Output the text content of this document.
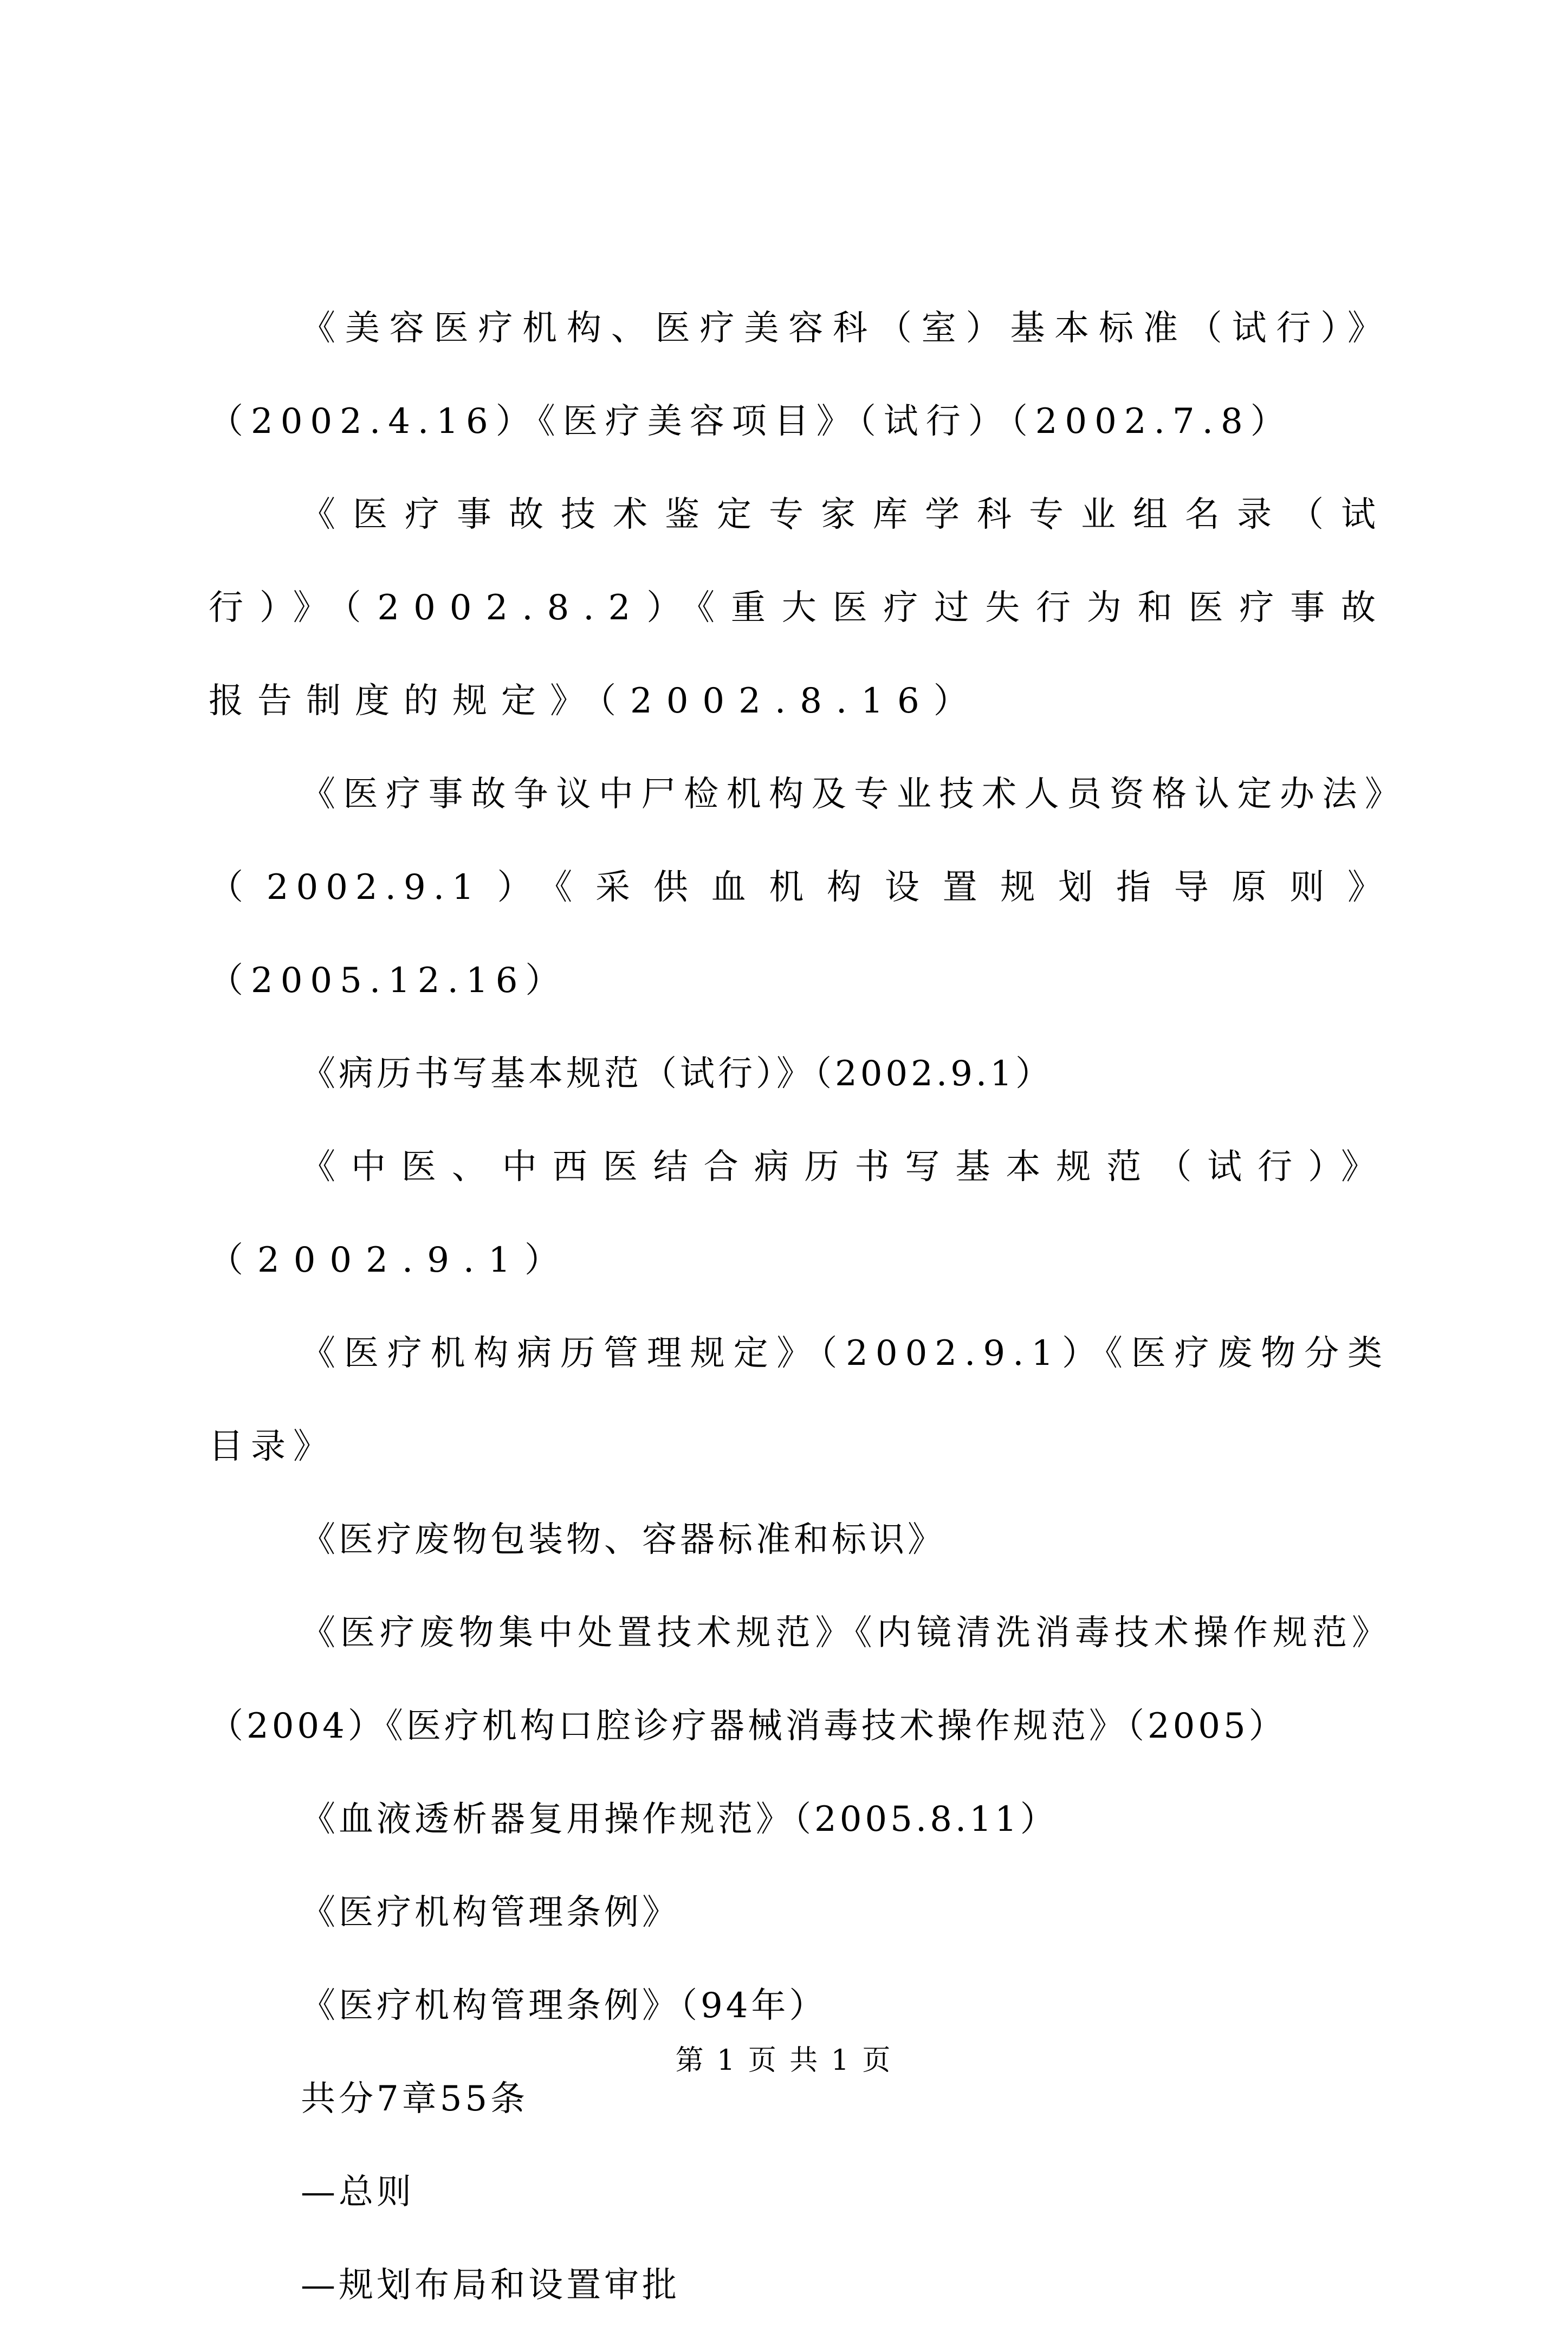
《美容医疗机构、医疗美容科（室）基本标准（试行）》（2002.4.16）《医疗美容项目》（试行）（2002.7.8）

《医疗事故技术鉴定专家库学科专业组名录（试行）》（2002.8.2）《重大医疗过失行为和医疗事故报告制度的规定》（2002.8.16）

《医疗事故争议中尸检机构及专业技术人员资格认定办法》（2002.9.1）《采供血机构设置规划指导原则》（2005.12.16）

《病历书写基本规范（试行）》（2002.9.1）

《中医、中西医结合病历书写基本规范（试行）》（2002.9.1）

《医疗机构病历管理规定》（2002.9.1）《医疗废物分类目录》

《医疗废物包装物、容器标准和标识》

《医疗废物集中处置技术规范》《内镜清洗消毒技术操作规范》（2004）《医疗机构口腔诊疗器械消毒技术操作规范》（2005）

《血液透析器复用操作规范》（2005.8.11）

《医疗机构管理条例》

《医疗机构管理条例》（94年）

共分7章55条

—总则

—规划布局和设置审批

第 1 页 共 1 页
